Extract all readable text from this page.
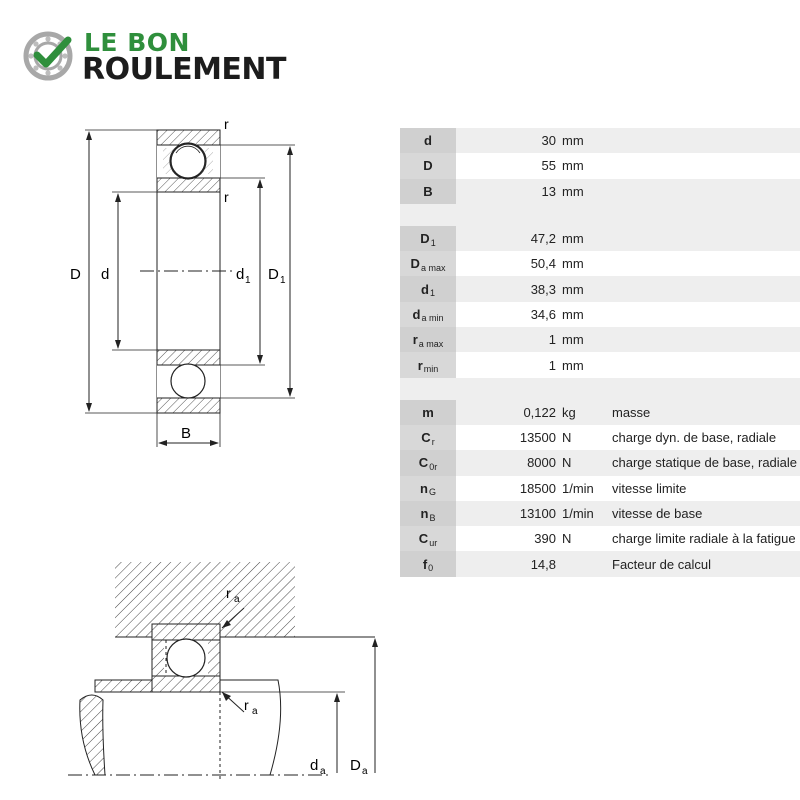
LE BON
ROULEMENT
D d	d 1 D 1
B
r
r
d a D a
r a
r a
d	30 mm
D	55 mm
B	13 mm
D 1	47,2 mm
D a max	50,4 mm
d 1	38,3 mm
d a min	34,6 mm
r a max	1 mm
r min	1 mm
m	0,122 kg	masse
C r	13500 N	charge dyn. de base, radiale
C 0r	8000 N	charge statique de base, radiale
n G	18500 1/min	vitesse limite
n B	13100 1/min	vitesse de base
C ur	390 N	charge limite radiale à la fatigue
f 0	14,8	Facteur de calcul
